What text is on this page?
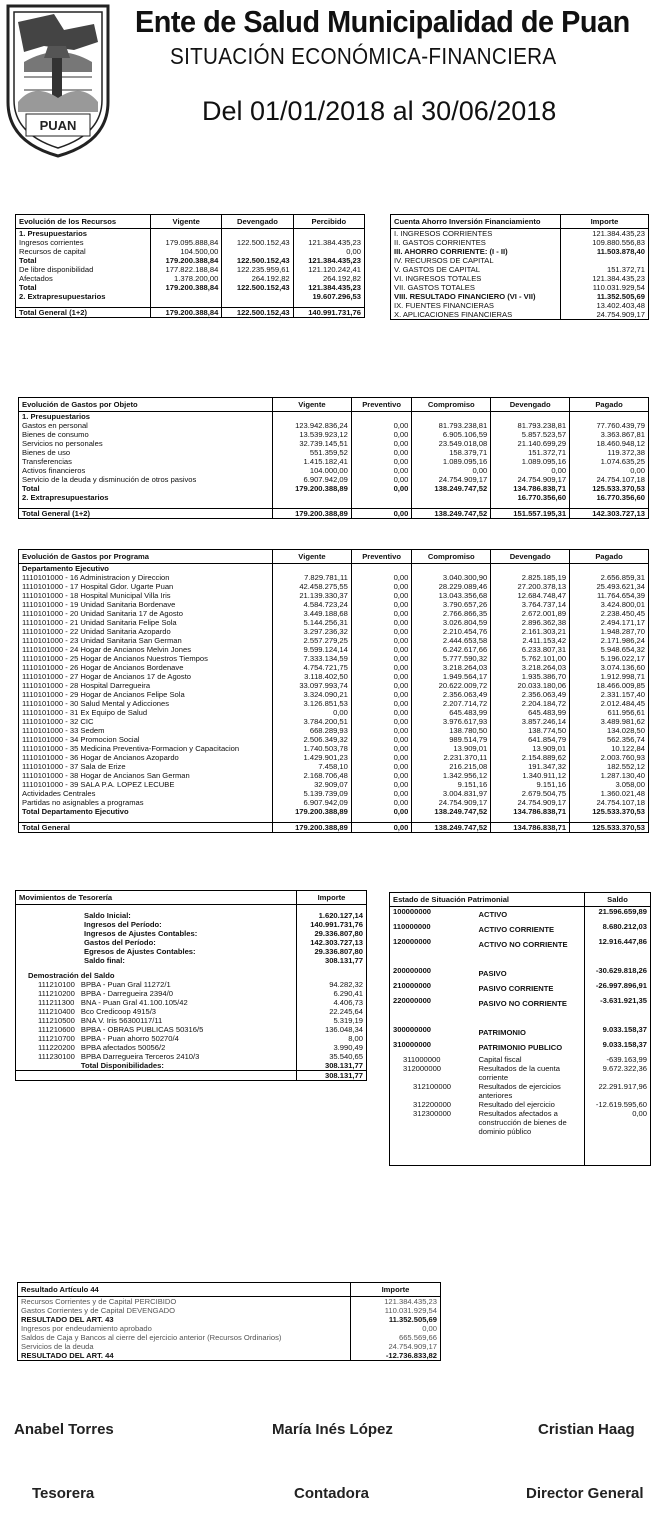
PUAN
Ente de Salud Municipalidad de Puan
SITUACIÓN ECONÓMICA-FINANCIERA
Del 01/01/2018 al 30/06/2018
Evolución de los Recursos	Vigente	Devengado	Percibido
1. Presupuestarios			
Ingresos corrientes	179.095.888,84	122.500.152,43	121.384.435,23
Recursos de capital	104.500,00		0,00
Total	179.200.388,84	122.500.152,43	121.384.435,23
De libre disponibilidad	177.822.188,84	122.235.959,61	121.120.242,41
Afectados	1.378.200,00	264.192,82	264.192,82
Total	179.200.388,84	122.500.152,43	121.384.435,23
2. Extrapresupuestarios			19.607.296,53

Total General (1+2)	179.200.388,84	122.500.152,43	140.991.731,76
Cuenta Ahorro Inversión Financiamiento	Importe
I. INGRESOS CORRIENTES	121.384.435,23
II. GASTOS CORRIENTES	109.880.556,83
III. AHORRO CORRIENTE: (I - II)	11.503.878,40

IV. RECURSOS DE CAPITAL	
V. GASTOS DE CAPITAL	151.372,71

VI. INGRESOS TOTALES	121.384.435,23
VII. GASTOS TOTALES	110.031.929,54

VIII. RESULTADO FINANCIERO (VI - VII)	11.352.505,69

IX. FUENTES FINANCIERAS	13.402.403,48
X. APLICACIONES FINANCIERAS	24.754.909,17
Evolución de Gastos por Objeto	Vigente	Preventivo	Compromiso	Devengado	Pagado
1. Presupuestarios					
Gastos en personal	123.942.836,24	0,00	81.793.238,81	81.793.238,81	77.760.439,79
Bienes de consumo	13.539.923,12	0,00	6.905.106,59	5.857.523,57	3.363.867,81
Servicios no personales	32.739.145,51	0,00	23.549.018,08	21.140.699,29	18.460.948,12
Bienes de uso	551.359,52	0,00	158.379,71	151.372,71	119.372,38
Transferencias	1.415.182,41	0,00	1.089.095,16	1.089.095,16	1.074.635,25
Activos financieros	104.000,00	0,00	0,00	0,00	0,00
Servicio de la deuda y disminución de otros pasivos	6.907.942,09	0,00	24.754.909,17	24.754.909,17	24.754.107,18
Total	179.200.388,89	0,00	138.249.747,52	134.786.838,71	125.533.370,53
2. Extrapresupuestarios				16.770.356,60	16.770.356,60

Total General (1+2)	179.200.388,89	0,00	138.249.747,52	151.557.195,31	142.303.727,13
Evolución de Gastos por Programa	Vigente	Preventivo	Compromiso	Devengado	Pagado
Departamento Ejecutivo					
1110101000 - 16 Administracion y Direccion	7.829.781,11	0,00	3.040.300,90	2.825.185,19	2.656.859,31
1110101000 - 17 Hospital Gdor. Ugarte Puan	42.458.275,55	0,00	28.229.089,46	27.200.378,13	25.493.621,34
1110101000 - 18 Hospital Municipal Villa Iris	21.139.330,37	0,00	13.043.356,68	12.684.748,47	11.764.654,39
1110101000 - 19 Unidad Sanitaria Bordenave	4.584.723,24	0,00	3.790.657,26	3.764.737,14	3.424.800,01
1110101000 - 20 Unidad Sanitaria 17 de Agosto	3.449.188,68	0,00	2.766.866,35	2.672.001,89	2.238.450,45
1110101000 - 21 Unidad Sanitaria Felipe Sola	5.144.256,31	0,00	3.026.804,59	2.896.362,38	2.494.171,17
1110101000 - 22 Unidad Sanitaria Azopardo	3.297.236,32	0,00	2.210.454,76	2.161.303,21	1.948.287,70
1110101000 - 23 Unidad Sanitaria San German	2.557.279,25	0,00	2.444.653,58	2.411.153,42	2.171.986,24
1110101000 - 24 Hogar de Ancianos Melvin Jones	9.599.124,14	0,00	6.242.617,66	6.233.807,31	5.948.654,32
1110101000 - 25 Hogar de Ancianos Nuestros Tiempos	7.333.134,59	0,00	5.777.590,32	5.762.101,00	5.196.022,17
1110101000 - 26 Hogar de Ancianos Bordenave	4.754.721,75	0,00	3.218.264,03	3.218.264,03	3.074.136,60
1110101000 - 27 Hogar de Ancianos 17 de Agosto	3.118.402,50	0,00	1.949.564,17	1.935.386,70	1.912.998,71
1110101000 - 28 Hospital Darregueira	33.097.993,74	0,00	20.622.009,72	20.033.180,06	18.466.009,85
1110101000 - 29 Hogar de Ancianos Felipe Sola	3.324.090,21	0,00	2.356.063,49	2.356.063,49	2.331.157,40
1110101000 - 30 Salud Mental y Adicciones	3.126.851,53	0,00	2.207.714,72	2.204.184,72	2.012.484,45
1110101000 - 31 Ex Equipo de Salud	0,00	0,00	645.483,99	645.483,99	611.956,61
1110101000 - 32 CIC	3.784.200,51	0,00	3.976.617,93	3.857.246,14	3.489.981,62
1110101000 - 33 Sedem	668.289,93	0,00	138.780,50	138.774,50	134.028,50
1110101000 - 34 Promocion Social	2.506.349,32	0,00	989.514,79	641.854,79	562.356,74
1110101000 - 35 Medicina Preventiva-Formacion y Capacitacion	1.740.503,78	0,00	13.909,01	13.909,01	10.122,84
1110101000 - 36 Hogar de Ancianos Azopardo	1.429.901,23	0,00	2.231.370,11	2.154.889,62	2.003.760,93
1110101000 - 37 Sala de Erize	7.458,10	0,00	216.215,08	191.347,32	182.552,12
1110101000 - 38 Hogar de Ancianos San German	2.168.706,48	0,00	1.342.956,12	1.340.911,12	1.287.130,40
1110101000 - 39 SALA P.A. LOPEZ LECUBE	32.909,07	0,00	9.151,16	9.151,16	3.058,00
Actividades Centrales	5.139.739,09	0,00	3.004.831,97	2.679.504,75	1.360.021,48
Partidas no asignables a programas	6.907.942,09	0,00	24.754.909,17	24.754.909,17	24.754.107,18
Total Departamento Ejecutivo	179.200.388,89	0,00	138.249.747,52	134.786.838,71	125.533.370,53

Total General	179.200.388,89	0,00	138.249.747,52	134.786.838,71	125.533.370,53
Movimientos de Tesorería		Importe

Saldo Inicial:		1.620.127,14
Ingresos del Período:		140.991.731,76
Ingresos de Ajustes Contables:		29.336.807,80
Gastos del Período:		142.303.727,13
Egresos de Ajustes Contables:		29.336.807,80
Saldo final:		308.131,77

Demostración del Saldo		
111210100	BPBA - Puan Gral 11272/1	94.282,32
111210200	BPBA - Darregueira 2394/0	6.290,41
111211300	BNA - Puan Gral 41.100.105/42	4.406,73
111210400	Bco Credicoop 4915/3	22.245,64
111210500	BNA V. Iris 56300117/11	5.319,19
111210600	BPBA - OBRAS PUBLICAS 50316/5	136.048,34
111210700	BPBA - Puan ahorro 50270/4	8,00
111220200	BPBA afectados 50056/2	3.990,49
111230100	BPBA Darregueira Terceros 2410/3	35.540,65
	Total Disponibilidades:	308.131,77
		308.131,77
Estado de Situación Patrimonial		Saldo
100000000	ACTIVO	21.596.659,89
110000000	ACTIVO CORRIENTE	8.680.212,03
120000000	ACTIVO NO CORRIENTE	12.916.447,86

200000000	PASIVO	-30.629.818,26
210000000	PASIVO CORRIENTE	-26.997.896,91
220000000	PASIVO NO CORRIENTE	-3.631.921,35

300000000	PATRIMONIO	9.033.158,37
310000000	PATRIMONIO PUBLICO	9.033.158,37
311000000	Capital fiscal	-639.163,99
312000000	Resultados de la cuenta corriente	9.672.322,36
312100000	Resultados de ejercicios anteriores	22.291.917,96
312200000	Resultado del ejercicio	-12.619.595,60
312300000	Resultados afectados a construcción de bienes de dominio público	0,00

Resultado Artículo 44	Importe
Recursos Corrientes y de Capital PERCIBIDO	121.384.435,23
Gastos Corrientes y de Capital DEVENGADO	110.031.929,54
RESULTADO DEL ART. 43	11.352.505,69
Ingresos por endeudamiento aprobado	0,00
Saldos de Caja y Bancos al cierre del ejercicio anterior (Recursos Ordinarios)	665.569,66
Servicios de la deuda	24.754.909,17
RESULTADO DEL ART. 44	-12.736.833,82
Anabel Torres	María Inés López	Cristian Haag
Tesorera	Contadora	Director General
